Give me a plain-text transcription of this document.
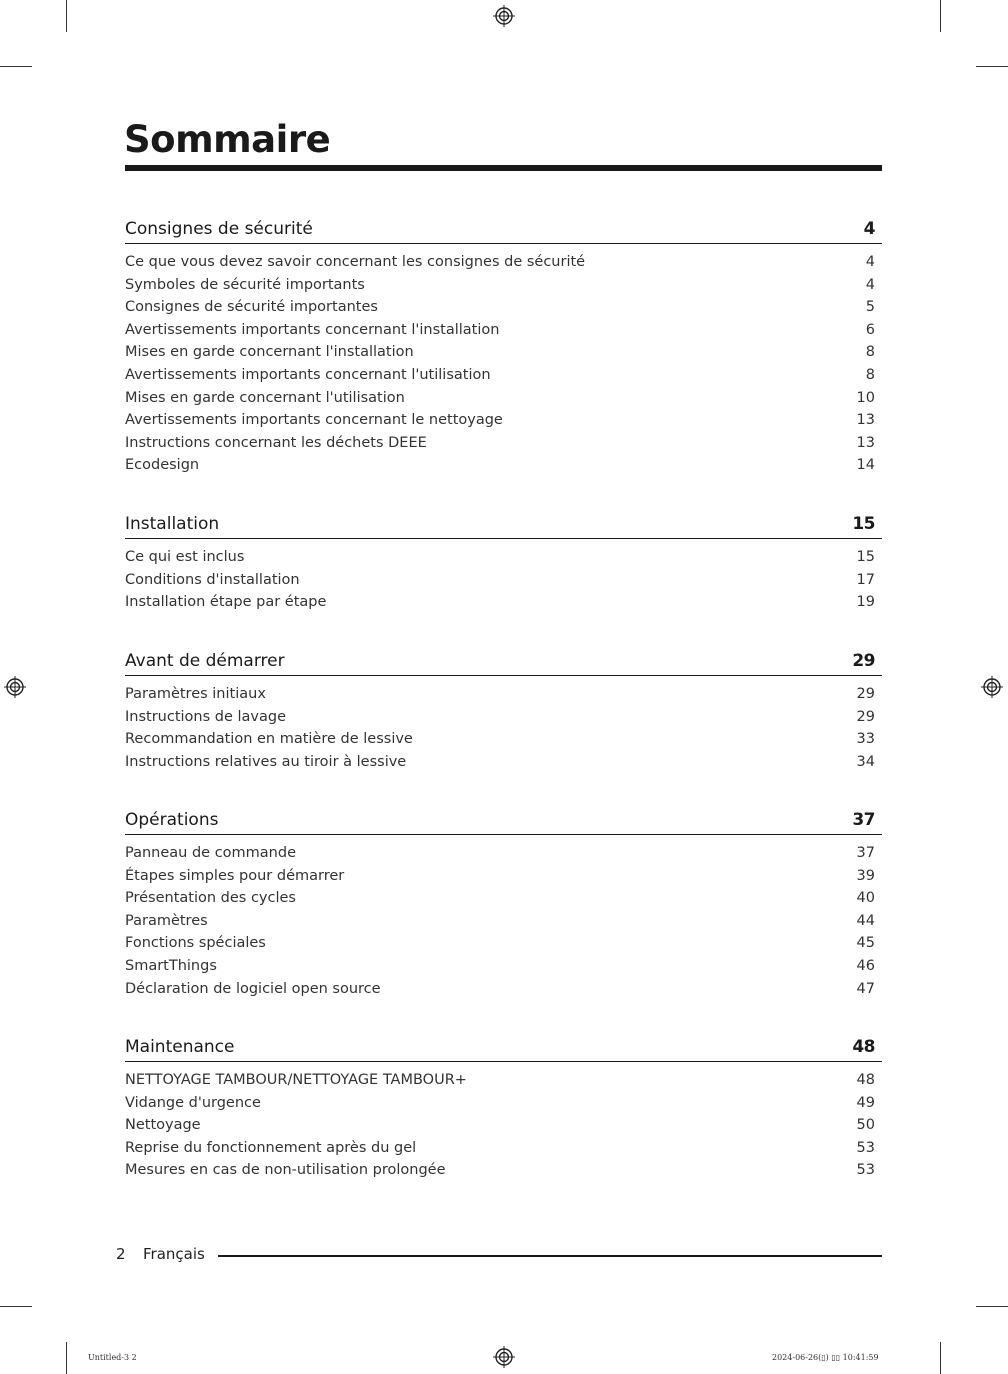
Sommaire
Consignes de sécurité	4
Ce que vous devez savoir concernant les consignes de sécurité	4
Symboles de sécurité importants	4
Consignes de sécurité importantes	5
Avertissements importants concernant l'installation	6
Mises en garde concernant l'installation	8
Avertissements importants concernant l'utilisation	8
Mises en garde concernant l'utilisation	10
Avertissements importants concernant le nettoyage	13
Instructions concernant les déchets DEEE	13
Ecodesign	14
Installation	15
Ce qui est inclus	15
Conditions d'installation	17
Installation étape par étape	19
Avant de démarrer	29
Paramètres initiaux	29
Instructions de lavage	29
Recommandation en matière de lessive	33
Instructions relatives au tiroir à lessive	34
Opérations	37
Panneau de commande	37
Étapes simples pour démarrer	39
Présentation des cycles	40
Paramètres	44
Fonctions spéciales	45
SmartThings	46
Déclaration de logiciel open source	47
Maintenance	48
NETTOYAGE TAMBOUR/NETTOYAGE TAMBOUR+	48
Vidange d'urgence	49
Nettoyage	50
Reprise du fonctionnement après du gel	53
Mesures en cas de non-utilisation prolongée	53
2 Français
Untitled-3 2	2024-06-26(▯) ▯▯ 10:41:59
